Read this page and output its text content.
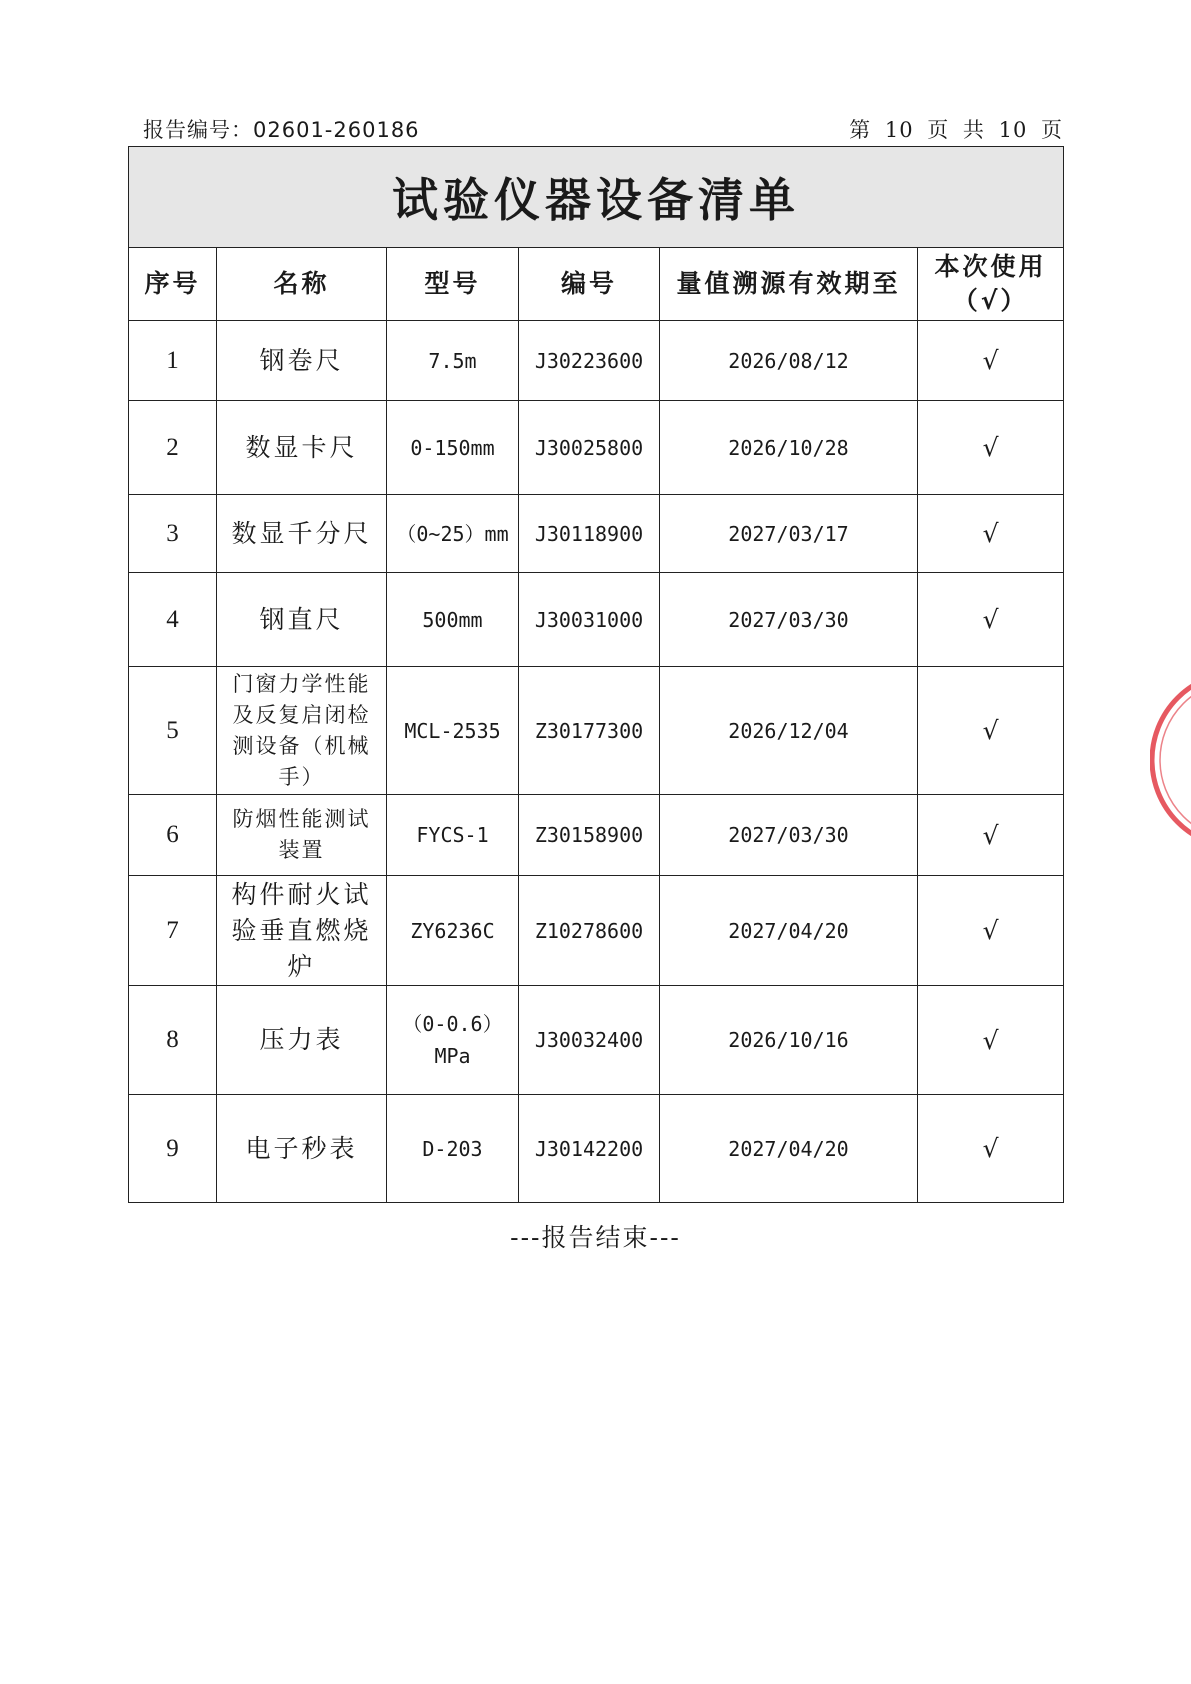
报告编号：02601-260186	第 10 页 共 10 页
试验仪器设备清单					
序号	名称	型号	编号	量值溯源有效期至	本次使用（√）
1	钢卷尺	7.5m	J30223600	2026/08/12	√
2	数显卡尺	0-150mm	J30025800	2026/10/28	√
3	数显千分尺	（0~25）mm	J30118900	2027/03/17	√
4	钢直尺	500mm	J30031000	2027/03/30	√
5	门窗力学性能及反复启闭检测设备（机械手）	MCL-2535	Z30177300	2026/12/04	√
6	防烟性能测试装置	FYCS-1	Z30158900	2027/03/30	√
7	构件耐火试验垂直燃烧炉	ZY6236C	Z10278600	2027/04/20	√
8	压力表	（0-0.6）MPa	J30032400	2026/10/16	√
9	电子秒表	D-203	J30142200	2027/04/20	√
---报告结束---
